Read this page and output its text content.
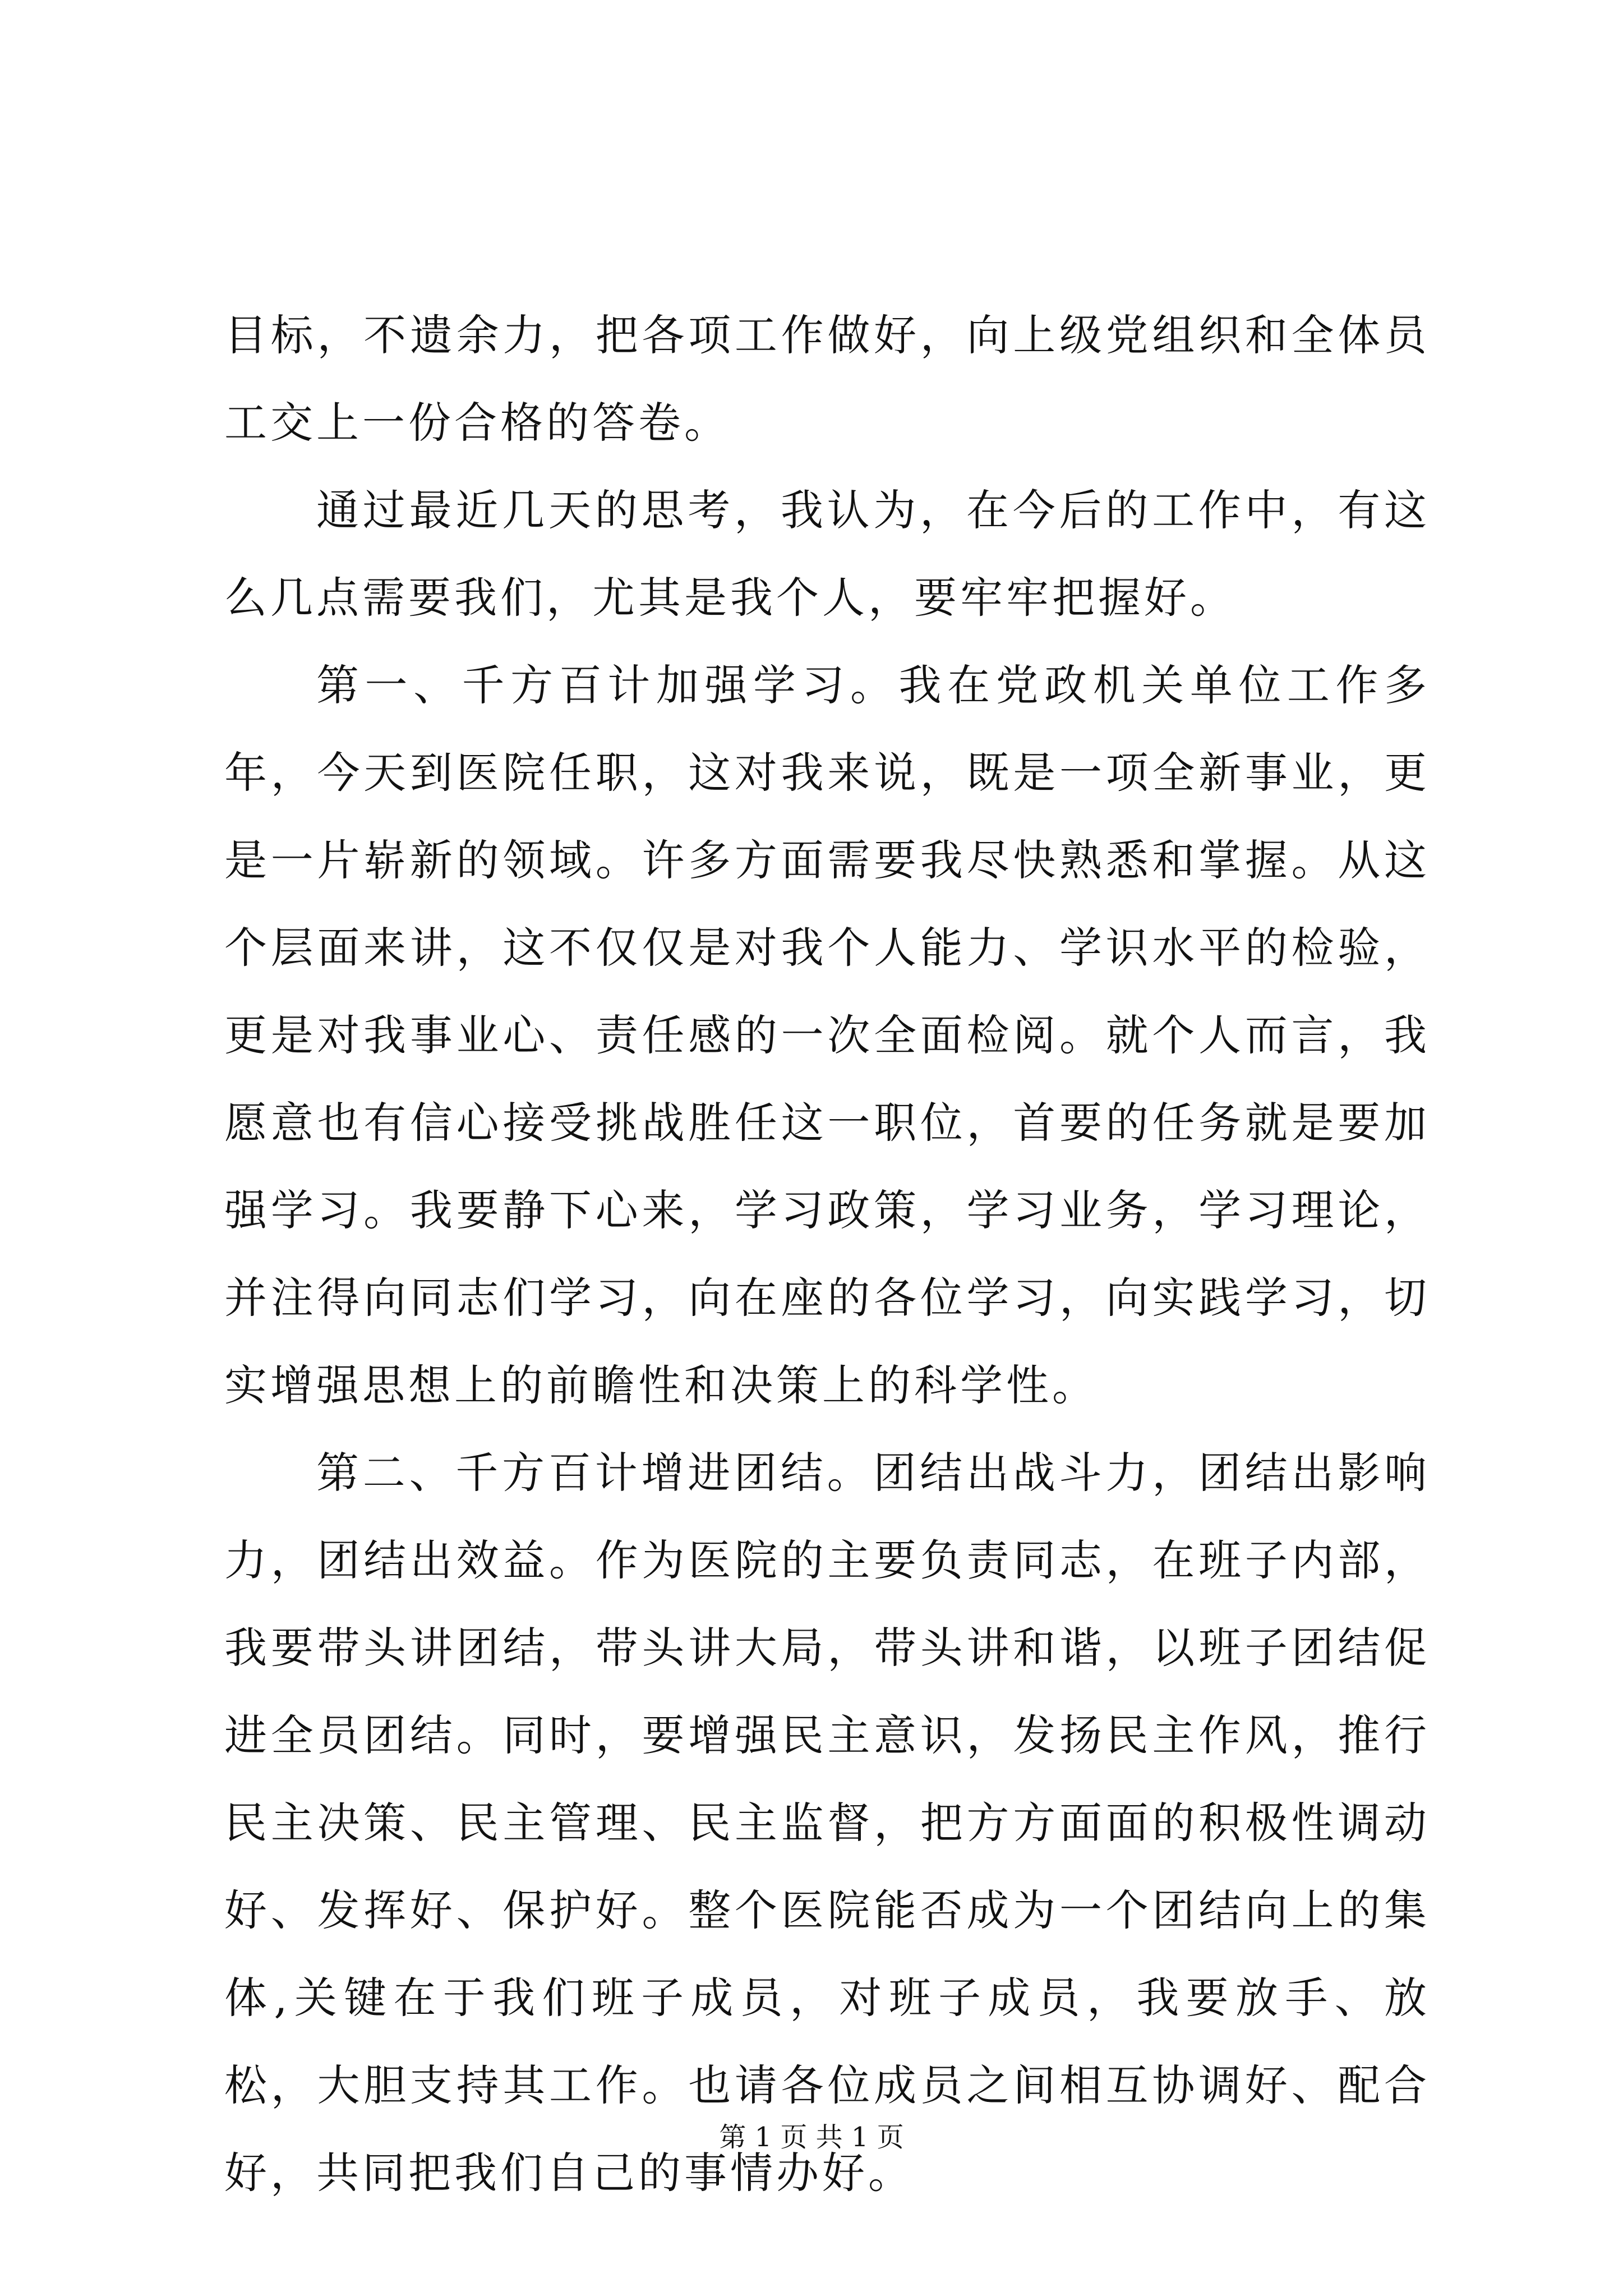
目标，不遗余力，把各项工作做好，向上级党组织和全体员工交上一份合格的答卷。

通过最近几天的思考，我认为，在今后的工作中，有这么几点需要我们，尤其是我个人，要牢牢把握好。

第一、千方百计加强学习。我在党政机关单位工作多年，今天到医院任职，这对我来说，既是一项全新事业，更是一片崭新的领域。许多方面需要我尽快熟悉和掌握。从这个层面来讲，这不仅仅是对我个人能力、学识水平的检验，更是对我事业心、责任感的一次全面检阅。就个人而言，我愿意也有信心接受挑战胜任这一职位，首要的任务就是要加强学习。我要静下心来，学习政策，学习业务，学习理论，并注得向同志们学习，向在座的各位学习，向实践学习，切实增强思想上的前瞻性和决策上的科学性。

第二、千方百计增进团结。团结出战斗力，团结出影响力，团结出效益。作为医院的主要负责同志，在班子内部，我要带头讲团结，带头讲大局，带头讲和谐，以班子团结促进全员团结。同时，要增强民主意识，发扬民主作风，推行民主决策、民主管理、民主监督，把方方面面的积极性调动好、发挥好、保护好。整个医院能否成为一个团结向上的集体,关键在于我们班子成员，对班子成员，我要放手、放松，大胆支持其工作。也请各位成员之间相互协调好、配合好，共同把我们自己的事情办好。

第 1 页 共 1 页
